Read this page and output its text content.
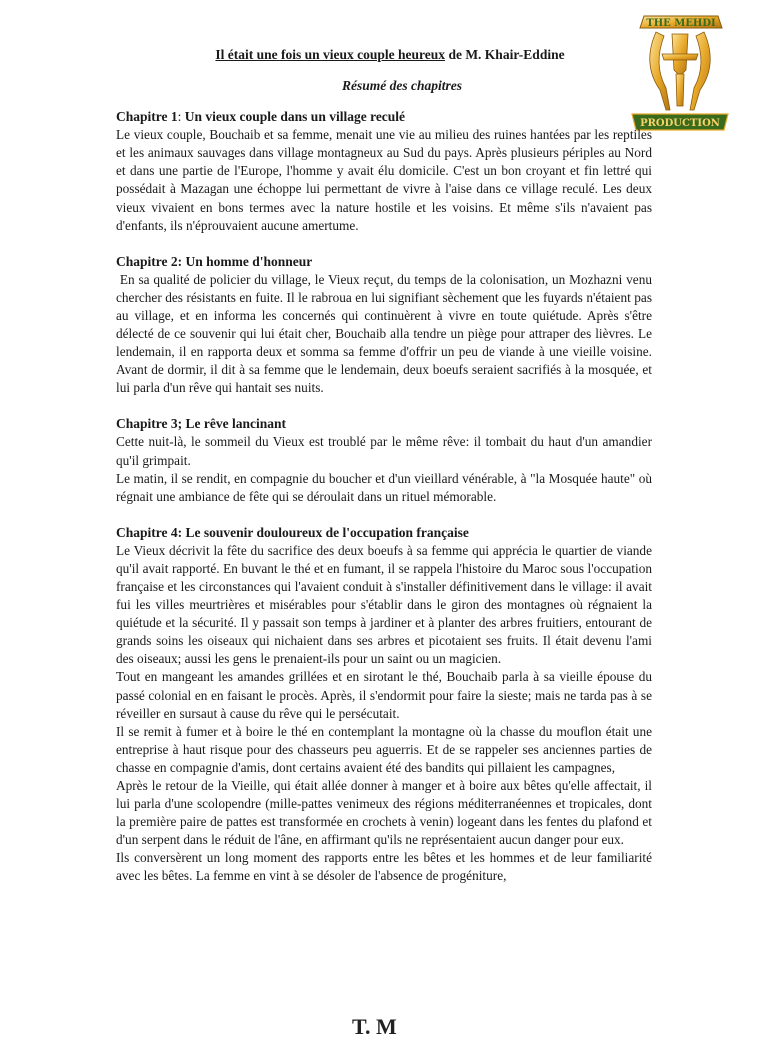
THE MEHDI
PRODUCTION
Il était une fois un vieux couple heureux de M. Khair-Eddine
Résumé des chapitres
Chapitre 1: Un vieux couple dans un village reculé

Le vieux couple, Bouchaib et sa femme, menait une vie au milieu des ruines hantées par les reptiles et les animaux sauvages dans village montagneux au Sud du pays. Après plusieurs périples au Nord et dans une partie de l'Europe, l'homme y avait élu domicile. C'est un bon croyant et fin lettré qui possédait à Mazagan une échoppe lui permettant de vivre à l'aise dans ce village reculé. Les deux vieux vivaient en bons termes avec la nature hostile et les voisins. Et même s'ils n'avaient pas d'enfants, ils n'éprouvaient aucune amertume.

Chapitre 2: Un homme d'honneur

En sa qualité de policier du village, le Vieux reçut, du temps de la colonisation, un Mozhazni venu chercher des résistants en fuite. Il le rabroua en lui signifiant sèchement que les fuyards n'étaient pas au village, et en informa les concernés qui continuèrent à vivre en toute quiétude. Après s'être délecté de ce souvenir qui lui était cher, Bouchaib alla tendre un piège pour attraper des lièvres. Le lendemain, il en rapporta deux et somma sa femme d'offrir un peu de viande à une vieille voisine. Avant de dormir, il dit à sa femme que le lendemain, deux boeufs seraient sacrifiés à la mosquée, et lui parla d'un rêve qui hantait ses nuits.

Chapitre 3; Le rêve lancinant

Cette nuit-là, le sommeil du Vieux est troublé par le même rêve: il tombait du haut d'un amandier qu'il grimpait.

Le matin, il se rendit, en compagnie du boucher et d'un vieillard vénérable, à "la Mosquée haute" où régnait une ambiance de fête qui se déroulait dans un rituel mémorable.

Chapitre 4: Le souvenir douloureux de l'occupation française

Le Vieux décrivit la fête du sacrifice des deux boeufs à sa femme qui apprécia le quartier de viande qu'il avait rapporté. En buvant le thé et en fumant, il se rappela l'histoire du Maroc sous l'occupation française et les circonstances qui l'avaient conduit à s'installer définitivement dans le village: il avait fui les villes meurtrières et misérables pour s'établir dans le giron des montagnes où régnaient la quiétude et la sécurité. Il y passait son temps à jardiner et à planter des arbres fruitiers, entourant de grands soins les oiseaux qui nichaient dans ses arbres et picotaient ses fruits. Il était devenu l'ami des oiseaux; aussi les gens le prenaient-ils pour un saint ou un magicien.

Tout en mangeant les amandes grillées et en sirotant le thé, Bouchaib parla à sa vieille épouse du passé colonial en en faisant le procès. Après, il s'endormit pour faire la sieste; mais ne tarda pas à se réveiller en sursaut à cause du rêve qui le persécutait.

Il se remit à fumer et à boire le thé en contemplant la montagne où la chasse du mouflon était une entreprise à haut risque pour des chasseurs peu aguerris. Et de se rappeler ses anciennes parties de chasse en compagnie d'amis, dont certains avaient été des bandits qui pillaient les campagnes,

Après le retour de la Vieille, qui était allée donner à manger et à boire aux bêtes qu'elle affectait, il lui parla d'une scolopendre (mille-pattes venimeux des régions méditerranéennes et tropicales, dont la première paire de pattes est transformée en crochets à venin) logeant dans les fentes du plafond et d'un serpent dans le réduit de l'âne, en affirmant qu'ils ne représentaient aucun danger pour eux.

Ils conversèrent un long moment des rapports entre les bêtes et les hommes et de leur familiarité avec les bêtes. La femme en vint à se désoler de l'absence de progéniture,

T. M
